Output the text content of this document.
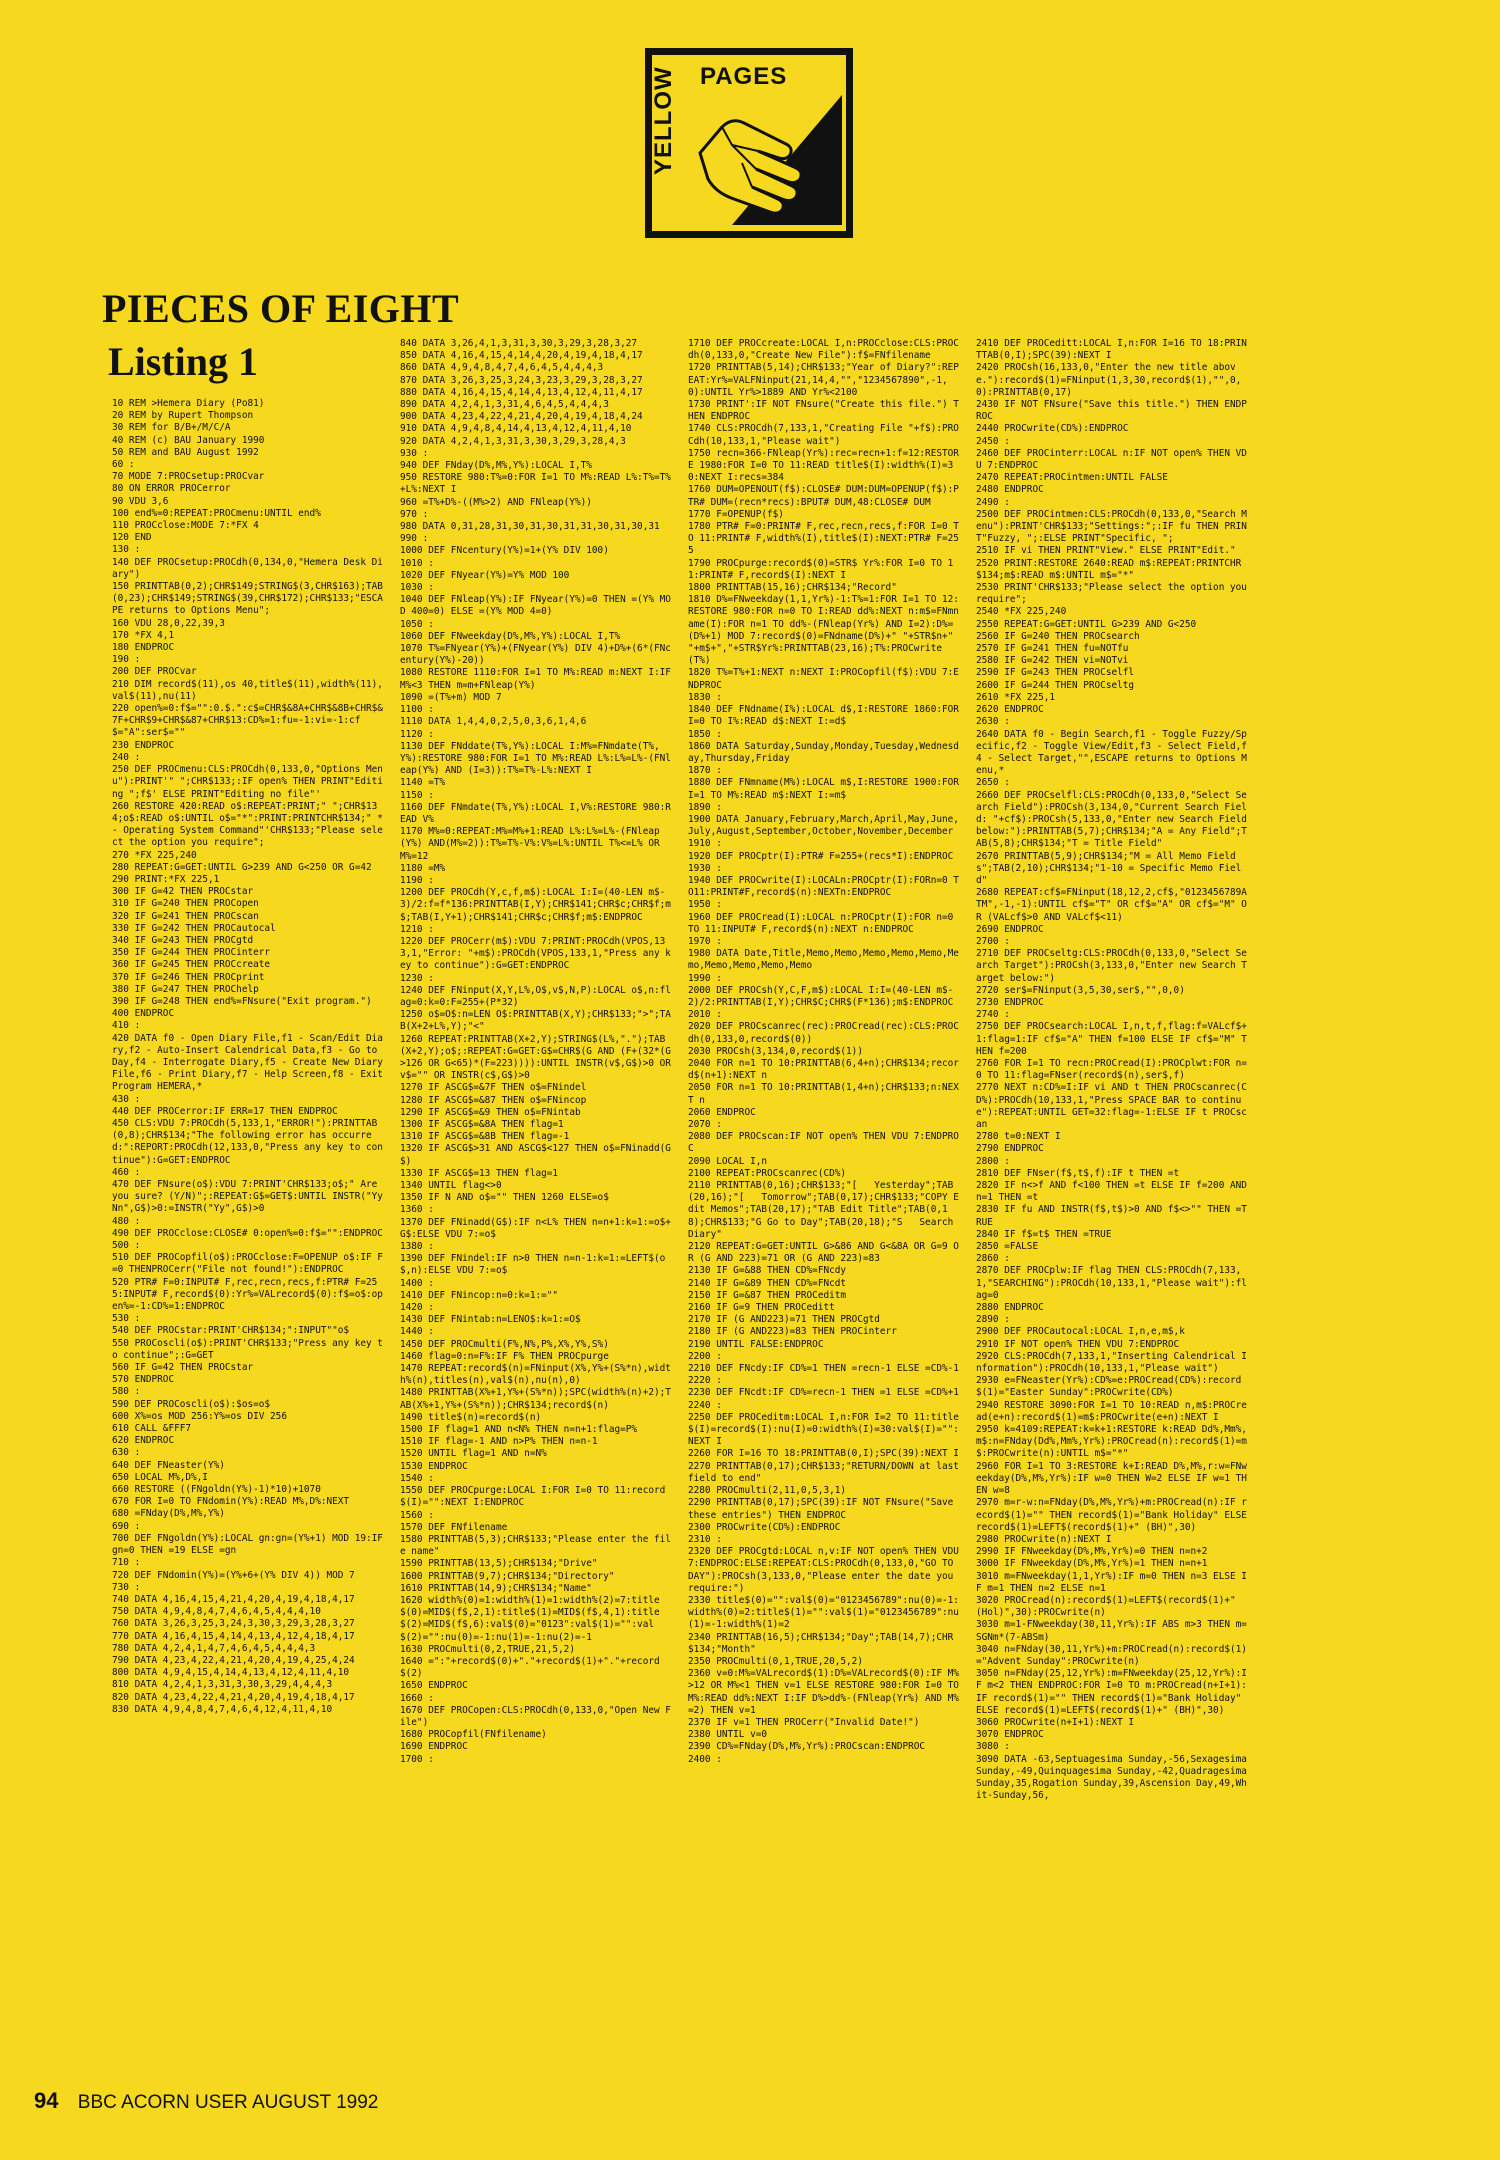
PAGES
YELLOW
PIECES OF EIGHT
Listing 1
10 REM >Hemera Diary (Po81)
20 REM by Rupert Thompson
30 REM for B/B+/M/C/A
40 REM (c) BAU January 1990
50 REM and BAU August 1992
60 :
70 MODE 7:PROCsetup:PROCvar
80 ON ERROR PROCerror
90 VDU 3,6
100 end%=0:REPEAT:PROCmenu:UNTIL end%
110 PROCclose:MODE 7:*FX 4
120 END
130 :
140 DEF PROCsetup:PROCdh(0,134,0,"Hemera Desk Diary")
150 PRINTTAB(0,2);CHR$149;STRING$(3,CHR$163);TAB(0,23);CHR$149;STRING$(39,CHR$172);CHR$133;"ESCAPE returns to Options Menu";
160 VDU 28,0,22,39,3
170 *FX 4,1
180 ENDPROC
190 :
200 DEF PROCvar
210 DIM record$(11),os 40,title$(11),width%(11),val$(11),nu(11)
220 open%=0:f$="":0.$.":c$=CHR$&8A+CHR$&8B+CHR$&7F+CHR$9+CHR$&87+CHR$13:CD%=1:fu=-1:vi=-1:cf$="A":ser$=""
230 ENDPROC
240 :
250 DEF PROCmenu:CLS:PROCdh(0,133,0,"Options Menu"):PRINT'" ";CHR$133;:IF open% THEN PRINT"Editing ";f$' ELSE PRINT"Editing no file"'
260 RESTORE 420:READ o$:REPEAT:PRINT;" ";CHR$134;o$:READ o$:UNTIL o$="*":PRINT:PRINTCHR$134;" * - Operating System Command"'CHR$133;"Please select the option you require";
270 *FX 225,240
280 REPEAT:G=GET:UNTIL G>239 AND G<250 OR G=42
290 PRINT:*FX 225,1
300 IF G=42 THEN PROCstar
310 IF G=240 THEN PROCopen
320 IF G=241 THEN PROCscan
330 IF G=242 THEN PROCautocal
340 IF G=243 THEN PROCgtd
350 IF G=244 THEN PROCinterr
360 IF G=245 THEN PROCcreate
370 IF G=246 THEN PROCprint
380 IF G=247 THEN PROChelp
390 IF G=248 THEN end%=FNsure("Exit program.")
400 ENDPROC
410 :
420 DATA f0 - Open Diary File,f1 - Scan/Edit Diary,f2 - Auto-Insert Calendrical Data,f3 - Go to Day,f4 - Interrogate Diary,f5 - Create New Diary File,f6 - Print Diary,f7 - Help Screen,f8 - Exit Program HEMERA,*
430 :
440 DEF PROCerror:IF ERR=17 THEN ENDPROC
450 CLS:VDU 7:PROCdh(5,133,1,"ERROR!"):PRINTTAB(0,8);CHR$134;"The following error has occurred:":REPORT:PROCdh(12,133,0,"Press any key to continue"):G=GET:ENDPROC
460 :
470 DEF FNsure(o$):VDU 7:PRINT'CHR$133;o$;" Are you sure? (Y/N)";:REPEAT:G$=GET$:UNTIL INSTR("YyNn",G$)>0:=INSTR("Yy",G$)>0
480 :
490 DEF PROCclose:CLOSE# 0:open%=0:f$="":ENDPROC
500 :
510 DEF PROCopfil(o$):PROCclose:F=OPENUP o$:IF F=0 THENPROCerr("File not found!"):ENDPROC
520 PTR# F=0:INPUT# F,rec,recn,recs,f:PTR# F=255:INPUT# F,record$(0):Yr%=VALrecord$(0):f$=o$:open%=-1:CD%=1:ENDPROC
530 :
540 DEF PROCstar:PRINT'CHR$134;":INPUT""o$
550 PROCoscli(o$):PRINT'CHR$133;"Press any key to continue";:G=GET
560 IF G=42 THEN PROCstar
570 ENDPROC
580 :
590 DEF PROCoscli(o$):$os=o$
600 X%=os MOD 256:Y%=os DIV 256
610 CALL &FFF7
620 ENDPROC
630 :
640 DEF FNeaster(Y%)
650 LOCAL M%,D%,I
660 RESTORE ((FNgoldn(Y%)-1)*10)+1070
670 FOR I=0 TO FNdomin(Y%):READ M%,D%:NEXT
680 =FNday(D%,M%,Y%)
690 :
700 DEF FNgoldn(Y%):LOCAL gn:gn=(Y%+1) MOD 19:IF gn=0 THEN =19 ELSE =gn
710 :
720 DEF FNdomin(Y%)=(Y%+6+(Y% DIV 4)) MOD 7
730 :
740 DATA 4,16,4,15,4,21,4,20,4,19,4,18,4,17
750 DATA 4,9,4,8,4,7,4,6,4,5,4,4,4,10
760 DATA 3,26,3,25,3,24,3,30,3,29,3,28,3,27
770 DATA 4,16,4,15,4,14,4,13,4,12,4,18,4,17
780 DATA 4,2,4,1,4,7,4,6,4,5,4,4,4,3
790 DATA 4,23,4,22,4,21,4,20,4,19,4,25,4,24
800 DATA 4,9,4,15,4,14,4,13,4,12,4,11,4,10
810 DATA 4,2,4,1,3,31,3,30,3,29,4,4,4,3
820 DATA 4,23,4,22,4,21,4,20,4,19,4,18,4,17
830 DATA 4,9,4,8,4,7,4,6,4,12,4,11,4,10
840 DATA 3,26,4,1,3,31,3,30,3,29,3,28,3,27
850 DATA 4,16,4,15,4,14,4,20,4,19,4,18,4,17
860 DATA 4,9,4,8,4,7,4,6,4,5,4,4,4,3
870 DATA 3,26,3,25,3,24,3,23,3,29,3,28,3,27
880 DATA 4,16,4,15,4,14,4,13,4,12,4,11,4,17
890 DATA 4,2,4,1,3,31,4,6,4,5,4,4,4,3
900 DATA 4,23,4,22,4,21,4,20,4,19,4,18,4,24
910 DATA 4,9,4,8,4,14,4,13,4,12,4,11,4,10
920 DATA 4,2,4,1,3,31,3,30,3,29,3,28,4,3
930 :
940 DEF FNday(D%,M%,Y%):LOCAL I,T%
950 RESTORE 980:T%=0:FOR I=1 TO M%:READ L%:T%=T%+L%:NEXT I
960 =T%+D%-((M%>2) AND FNleap(Y%))
970 :
980 DATA 0,31,28,31,30,31,30,31,31,30,31,30,31
990 :
1000 DEF FNcentury(Y%)=1+(Y% DIV 100)
1010 :
1020 DEF FNyear(Y%)=Y% MOD 100
1030 :
1040 DEF FNleap(Y%):IF FNyear(Y%)=0 THEN =(Y% MOD 400=0) ELSE =(Y% MOD 4=0)
1050 :
1060 DEF FNweekday(D%,M%,Y%):LOCAL I,T%
1070 T%=FNyear(Y%)+(FNyear(Y%) DIV 4)+D%+(6*(FNcentury(Y%)-20))
1080 RESTORE 1110:FOR I=1 TO M%:READ m:NEXT I:IF M%<3 THEN m=m+FNleap(Y%)
1090 =(T%+m) MOD 7
1100 :
1110 DATA 1,4,4,0,2,5,0,3,6,1,4,6
1120 :
1130 DEF FNddate(T%,Y%):LOCAL I:M%=FNmdate(T%,Y%):RESTORE 980:FOR I=1 TO M%:READ L%:L%=L%-(FNleap(Y%) AND (I=3)):T%=T%-L%:NEXT I
1140 =T%
1150 :
1160 DEF FNmdate(T%,Y%):LOCAL I,V%:RESTORE 980:READ V%
1170 M%=0:REPEAT:M%=M%+1:READ L%:L%=L%-(FNleap(Y%) AND(M%=2)):T%=T%-V%:V%=L%:UNTIL T%<=L% OR M%=12
1180 =M%
1190 :
1200 DEF PROCdh(Y,c,f,m$):LOCAL I:I=(40-LEN m$-3)/2:f=f*136:PRINTTAB(I,Y);CHR$141;CHR$c;CHR$f;m$;TAB(I,Y+1);CHR$141;CHR$c;CHR$f;m$:ENDPROC
1210 :
1220 DEF PROCerr(m$):VDU 7:PRINT:PROCdh(VPOS,133,1,"Error: "+m$):PROCdh(VPOS,133,1,"Press any key to continue"):G=GET:ENDPROC
1230 :
1240 DEF FNinput(X,Y,L%,O$,v$,N,P):LOCAL o$,n:flag=0:k=0:F=255+(P*32)
1250 o$=O$:n=LEN O$:PRINTTAB(X,Y);CHR$133;">";TAB(X+2+L%,Y);"<"
1260 REPEAT:PRINTTAB(X+2,Y);STRING$(L%,".");TAB(X+2,Y);o$;:REPEAT:G=GET:G$=CHR$(G AND (F+(32*(G>126 OR G<65)*(F=223)))):UNTIL INSTR(v$,G$)>0 OR v$="" OR INSTR(c$,G$)>0
1270 IF ASCG$=&7F THEN o$=FNindel
1280 IF ASCG$=&87 THEN o$=FNincop
1290 IF ASCG$=&9 THEN o$=FNintab
1300 IF ASCG$=&8A THEN flag=1
1310 IF ASCG$=&8B THEN flag=-1
1320 IF ASCG$>31 AND ASCG$<127 THEN o$=FNinadd(G$)
1330 IF ASCG$=13 THEN flag=1
1340 UNTIL flag<>0
1350 IF N AND o$="" THEN 1260 ELSE=o$
1360 :
1370 DEF FNinadd(G$):IF n<L% THEN n=n+1:k=1:=o$+G$:ELSE VDU 7:=o$
1380 :
1390 DEF FNindel:IF n>0 THEN n=n-1:k=1:=LEFT$(o$,n):ELSE VDU 7:=o$
1400 :
1410 DEF FNincop:n=0:k=1:=""
1420 :
1430 DEF FNintab:n=LENO$:k=1:=O$
1440 :
1450 DEF PROCmulti(F%,N%,P%,X%,Y%,S%)
1460 flag=0:n=F%:IF F% THEN PROCpurge
1470 REPEAT:record$(n)=FNinput(X%,Y%+(S%*n),width%(n),titles(n),val$(n),nu(n),0)
1480 PRINTTAB(X%+1,Y%+(S%*n));SPC(width%(n)+2);TAB(X%+1,Y%+(S%*n));CHR$134;record$(n)
1490 title$(n)=record$(n)
1500 IF flag=1 AND n<N% THEN n=n+1:flag=P%
1510 IF flag=-1 AND n>P% THEN n=n-1
1520 UNTIL flag=1 AND n=N%
1530 ENDPROC
1540 :
1550 DEF PROCpurge:LOCAL I:FOR I=0 TO 11:record$(I)="":NEXT I:ENDPROC
1560 :
1570 DEF FNfilename
1580 PRINTTAB(5,3);CHR$133;"Please enter the file name"
1590 PRINTTAB(13,5);CHR$134;"Drive"
1600 PRINTTAB(9,7);CHR$134;"Directory"
1610 PRINTTAB(14,9);CHR$134;"Name"
1620 width%(0)=1:width%(1)=1:width%(2)=7:title$(0)=MID$(f$,2,1):title$(1)=MID$(f$,4,1):title$(2)=MID$(f$,6):val$(0)="0123":val$(1)="":val$(2)="":nu(0)=-1:nu(1)=-1:nu(2)=-1
1630 PROCmulti(0,2,TRUE,21,5,2)
1640 =":"+record$(0)+"."+record$(1)+"."+record$(2)
1650 ENDPROC
1660 :
1670 DEF PROCopen:CLS:PROCdh(0,133,0,"Open New File")
1680 PROCopfil(FNfilename)
1690 ENDPROC
1700 :
1710 DEF PROCcreate:LOCAL I,n:PROCclose:CLS:PROCdh(0,133,0,"Create New File"):f$=FNfilename
1720 PRINTTAB(5,14);CHR$133;"Year of Diary?":REPEAT:Yr%=VALFNinput(21,14,4,"","1234567890",-1,0):UNTIL Yr%>1889 AND Yr%<2100
1730 PRINT':IF NOT FNsure("Create this file.") THEN ENDPROC
1740 CLS:PROCdh(7,133,1,"Creating File "+f$):PROCdh(10,133,1,"Please wait")
1750 recn=366-FNleap(Yr%):rec=recn+1:f=12:RESTORE 1980:FOR I=0 TO 11:READ title$(I):width%(I)=30:NEXT I:recs=384
1760 DUM=OPENOUT(f$):CLOSE# DUM:DUM=OPENUP(f$):PTR# DUM=(recn*recs):BPUT# DUM,48:CLOSE# DUM
1770 F=OPENUP(f$)
1780 PTR# F=0:PRINT# F,rec,recn,recs,f:FOR I=0 TO 11:PRINT# F,width%(I),title$(I):NEXT:PTR# F=255
1790 PROCpurge:record$(0)=STR$ Yr%:FOR I=0 TO 11:PRINT# F,record$(I):NEXT I
1800 PRINTTAB(15,16);CHR$134;"Record"
1810 D%=FNweekday(1,1,Yr%)-1:T%=1:FOR I=1 TO 12:RESTORE 980:FOR n=0 TO I:READ dd%:NEXT n:m$=FNmname(I):FOR n=1 TO dd%-(FNleap(Yr%) AND I=2):D%=(D%+1) MOD 7:record$(0)=FNdname(D%)+" "+STR$n+" "+m$+","+STR$Yr%:PRINTTAB(23,16);T%:PROCwrite(T%)
1820 T%=T%+1:NEXT n:NEXT I:PROCopfil(f$):VDU 7:ENDPROC
1830 :
1840 DEF FNdname(I%):LOCAL d$,I:RESTORE 1860:FOR I=0 TO I%:READ d$:NEXT I:=d$
1850 :
1860 DATA Saturday,Sunday,Monday,Tuesday,Wednesday,Thursday,Friday
1870 :
1880 DEF FNmname(M%):LOCAL m$,I:RESTORE 1900:FOR I=1 TO M%:READ m$:NEXT I:=m$
1890 :
1900 DATA January,February,March,April,May,June,July,August,September,October,November,December
1910 :
1920 DEF PROCptr(I):PTR# F=255+(recs*I):ENDPROC
1930 :
1940 DEF PROCwrite(I):LOCALn:PROCptr(I):FORn=0 TO11:PRINT#F,record$(n):NEXTn:ENDPROC
1950 :
1960 DEF PROCread(I):LOCAL n:PROCptr(I):FOR n=0 TO 11:INPUT# F,record$(n):NEXT n:ENDPROC
1970 :
1980 DATA Date,Title,Memo,Memo,Memo,Memo,Memo,Memo,Memo,Memo,Memo,Memo
1990 :
2000 DEF PROCsh(Y,C,F,m$):LOCAL I:I=(40-LEN m$-2)/2:PRINTTAB(I,Y);CHR$C;CHR$(F*136);m$:ENDPROC
2010 :
2020 DEF PROCscanrec(rec):PROCread(rec):CLS:PROCdh(0,133,0,record$(0))
2030 PROCsh(3,134,0,record$(1))
2040 FOR n=1 TO 10:PRINTTAB(6,4+n);CHR$134;record$(n+1):NEXT n
2050 FOR n=1 TO 10:PRINTTAB(1,4+n);CHR$133;n:NEXT n
2060 ENDPROC
2070 :
2080 DEF PROCscan:IF NOT open% THEN VDU 7:ENDPROC
2090 LOCAL I,n
2100 REPEAT:PROCscanrec(CD%)
2110 PRINTTAB(0,16);CHR$133;"[   Yesterday";TAB(20,16);"[   Tomorrow";TAB(0,17);CHR$133;"COPY Edit Memos";TAB(20,17);"TAB Edit Title";TAB(0,18);CHR$133;"G Go to Day";TAB(20,18);"S   Search Diary"
2120 REPEAT:G=GET:UNTIL G>&86 AND G<&8A OR G=9 OR (G AND 223)=71 OR (G AND 223)=83
2130 IF G=&88 THEN CD%=FNcdy
2140 IF G=&89 THEN CD%=FNcdt
2150 IF G=&87 THEN PROCeditm
2160 IF G=9 THEN PROCeditt
2170 IF (G AND223)=71 THEN PROCgtd
2180 IF (G AND223)=83 THEN PROCinterr
2190 UNTIL FALSE:ENDPROC
2200 :
2210 DEF FNcdy:IF CD%=1 THEN =recn-1 ELSE =CD%-1
2220 :
2230 DEF FNcdt:IF CD%=recn-1 THEN =1 ELSE =CD%+1
2240 :
2250 DEF PROCeditm:LOCAL I,n:FOR I=2 TO 11:title$(I)=record$(I):nu(I)=0:width%(I)=30:val$(I)="":NEXT I
2260 FOR I=16 TO 18:PRINTTAB(0,I);SPC(39):NEXT I
2270 PRINTTAB(0,17);CHR$133;"RETURN/DOWN at last field to end"
2280 PROCmulti(2,11,0,5,3,1)
2290 PRINTTAB(0,17);SPC(39):IF NOT FNsure("Save these entries") THEN ENDPROC
2300 PROCwrite(CD%):ENDPROC
2310 :
2320 DEF PROCgtd:LOCAL n,v:IF NOT open% THEN VDU 7:ENDPROC:ELSE:REPEAT:CLS:PROCdh(0,133,0,"GO TO DAY"):PROCsh(3,133,0,"Please enter the date you require:")
2330 title$(0)="":val$(0)="0123456789":nu(0)=-1:width%(0)=2:title$(1)="":val$(1)="0123456789":nu(1)=-1:width%(1)=2
2340 PRINTTAB(16,5);CHR$134;"Day";TAB(14,7);CHR$134;"Month"
2350 PROCmulti(0,1,TRUE,20,5,2)
2360 v=0:M%=VALrecord$(1):D%=VALrecord$(0):IF M%>12 OR M%<1 THEN v=1 ELSE RESTORE 980:FOR I=0 TO M%:READ dd%:NEXT I:IF D%>dd%-(FNleap(Yr%) AND M%=2) THEN v=1
2370 IF v=1 THEN PROCerr("Invalid Date!")
2380 UNTIL v=0
2390 CD%=FNday(D%,M%,Yr%):PROCscan:ENDPROC
2400 :
2410 DEF PROCeditt:LOCAL I,n:FOR I=16 TO 18:PRINTTAB(0,I);SPC(39):NEXT I
2420 PROCsh(16,133,0,"Enter the new title above."):record$(1)=FNinput(1,3,30,record$(1),"",0,0):PRINTTAB(0,17)
2430 IF NOT FNsure("Save this title.") THEN ENDPROC
2440 PROCwrite(CD%):ENDPROC
2450 :
2460 DEF PROCinterr:LOCAL n:IF NOT open% THEN VDU 7:ENDPROC
2470 REPEAT:PROCintmen:UNTIL FALSE
2480 ENDPROC
2490 :
2500 DEF PROCintmen:CLS:PROCdh(0,133,0,"Search Menu"):PRINT'CHR$133;"Settings:";:IF fu THEN PRINT"Fuzzy, ";:ELSE PRINT"Specific, ";
2510 IF vi THEN PRINT"View." ELSE PRINT"Edit."
2520 PRINT:RESTORE 2640:READ m$:REPEAT:PRINTCHR$134;m$:READ m$:UNTIL m$="*"
2530 PRINT'CHR$133;"Please select the option you require";
2540 *FX 225,240
2550 REPEAT:G=GET:UNTIL G>239 AND G<250
2560 IF G=240 THEN PROCsearch
2570 IF G=241 THEN fu=NOTfu
2580 IF G=242 THEN vi=NOTvi
2590 IF G=243 THEN PROCselfl
2600 IF G=244 THEN PROCseltg
2610 *FX 225,1
2620 ENDPROC
2630 :
2640 DATA f0 - Begin Search,f1 - Toggle Fuzzy/Specific,f2 - Toggle View/Edit,f3 - Select Field,f4 - Select Target,"",ESCAPE returns to Options Menu,*
2650 :
2660 DEF PROCselfl:CLS:PROCdh(0,133,0,"Select Search Field"):PROCsh(3,134,0,"Current Search Field: "+cf$):PROCsh(5,133,0,"Enter new Search Field below:"):PRINTTAB(5,7);CHR$134;"A = Any Field";TAB(5,8);CHR$134;"T = Title Field"
2670 PRINTTAB(5,9);CHR$134;"M = All Memo Fields";TAB(2,10);CHR$134;"1-10 = Specific Memo Field"
2680 REPEAT:cf$=FNinput(18,12,2,cf$,"0123456789ATM",-1,-1):UNTIL cf$="T" OR cf$="A" OR cf$="M" OR (VALcf$>0 AND VALcf$<11)
2690 ENDPROC
2700 :
2710 DEF PROCseltg:CLS:PROCdh(0,133,0,"Select Search Target"):PROCsh(3,133,0,"Enter new Search Target below:")
2720 ser$=FNinput(3,5,30,ser$,"",0,0)
2730 ENDPROC
2740 :
2750 DEF PROCsearch:LOCAL I,n,t,f,flag:f=VALcf$+1:flag=1:IF cf$="A" THEN f=100 ELSE IF cf$="M" THEN f=200
2760 FOR I=1 TO recn:PROCread(I):PROCplwt:FOR n=0 TO 11:flag=FNser(record$(n),ser$,f)
2770 NEXT n:CD%=I:IF vi AND t THEN PROCscanrec(CD%):PROCdh(10,133,1,"Press SPACE BAR to continue"):REPEAT:UNTIL GET=32:flag=-1:ELSE IF t PROCscan
2780 t=0:NEXT I
2790 ENDPROC
2800 :
2810 DEF FNser(f$,t$,f):IF t THEN =t
2820 IF n<>f AND f<100 THEN =t ELSE IF f=200 AND n=1 THEN =t
2830 IF fu AND INSTR(f$,t$)>0 AND f$<>"" THEN =TRUE
2840 IF f$=t$ THEN =TRUE
2850 =FALSE
2860 :
2870 DEF PROCplw:IF flag THEN CLS:PROCdh(7,133,1,"SEARCHING"):PROCdh(10,133,1,"Please wait"):flag=0
2880 ENDPROC
2890 :
2900 DEF PROCautocal:LOCAL I,n,e,m$,k
2910 IF NOT open% THEN VDU 7:ENDPROC
2920 CLS:PROCdh(7,133,1,"Inserting Calendrical Information"):PROCdh(10,133,1,"Please wait")
2930 e=FNeaster(Yr%):CD%=e:PROCread(CD%):record$(1)="Easter Sunday":PROCwrite(CD%)
2940 RESTORE 3090:FOR I=1 TO 10:READ n,m$:PROCread(e+n):record$(1)=m$:PROCwrite(e+n):NEXT I
2950 k=4109:REPEAT:k=k+1:RESTORE k:READ Dd%,Mm%,m$:n=FNday(Dd%,Mm%,Yr%):PROCread(n):record$(1)=m$:PROCwrite(n):UNTIL m$="*"
2960 FOR I=1 TO 3:RESTORE k+I:READ D%,M%,r:w=FNweekday(D%,M%,Yr%):IF w=0 THEN W=2 ELSE IF w=1 THEN w=8
2970 m=r-w:n=FNday(D%,M%,Yr%)+m:PROCread(n):IF record$(1)="" THEN record$(1)="Bank Holiday" ELSE record$(1)=LEFT$(record$(1)+" (BH)",30)
2980 PROCwrite(n):NEXT I
2990 IF FNweekday(D%,M%,Yr%)=0 THEN n=n+2
3000 IF FNweekday(D%,M%,Yr%)=1 THEN n=n+1
3010 m=FNweekday(1,1,Yr%):IF m=0 THEN n=3 ELSE IF m=1 THEN n=2 ELSE n=1
3020 PROCread(n):record$(1)=LEFT$(record$(1)+" (Hol)",30):PROCwrite(n)
3030 m=1-FNweekday(30,11,Yr%):IF ABS m>3 THEN m=SGNm*(7-ABSm)
3040 n=FNday(30,11,Yr%)+m:PROCread(n):record$(1)="Advent Sunday":PROCwrite(n)
3050 n=FNday(25,12,Yr%):m=FNweekday(25,12,Yr%):IF m<2 THEN ENDPROC:FOR I=0 TO m:PROCread(n+I+1):IF record$(1)="" THEN record$(1)="Bank Holiday" ELSE record$(1)=LEFT$(record$(1)+" (BH)",30)
3060 PROCwrite(n+I+1):NEXT I
3070 ENDPROC
3080 :
3090 DATA -63,Septuagesima Sunday,-56,Sexagesima Sunday,-49,Quinquagesima Sunday,-42,Quadragesima Sunday,35,Rogation Sunday,39,Ascension Day,49,Whit-Sunday,56,
94 BBC ACORN USER AUGUST 1992
